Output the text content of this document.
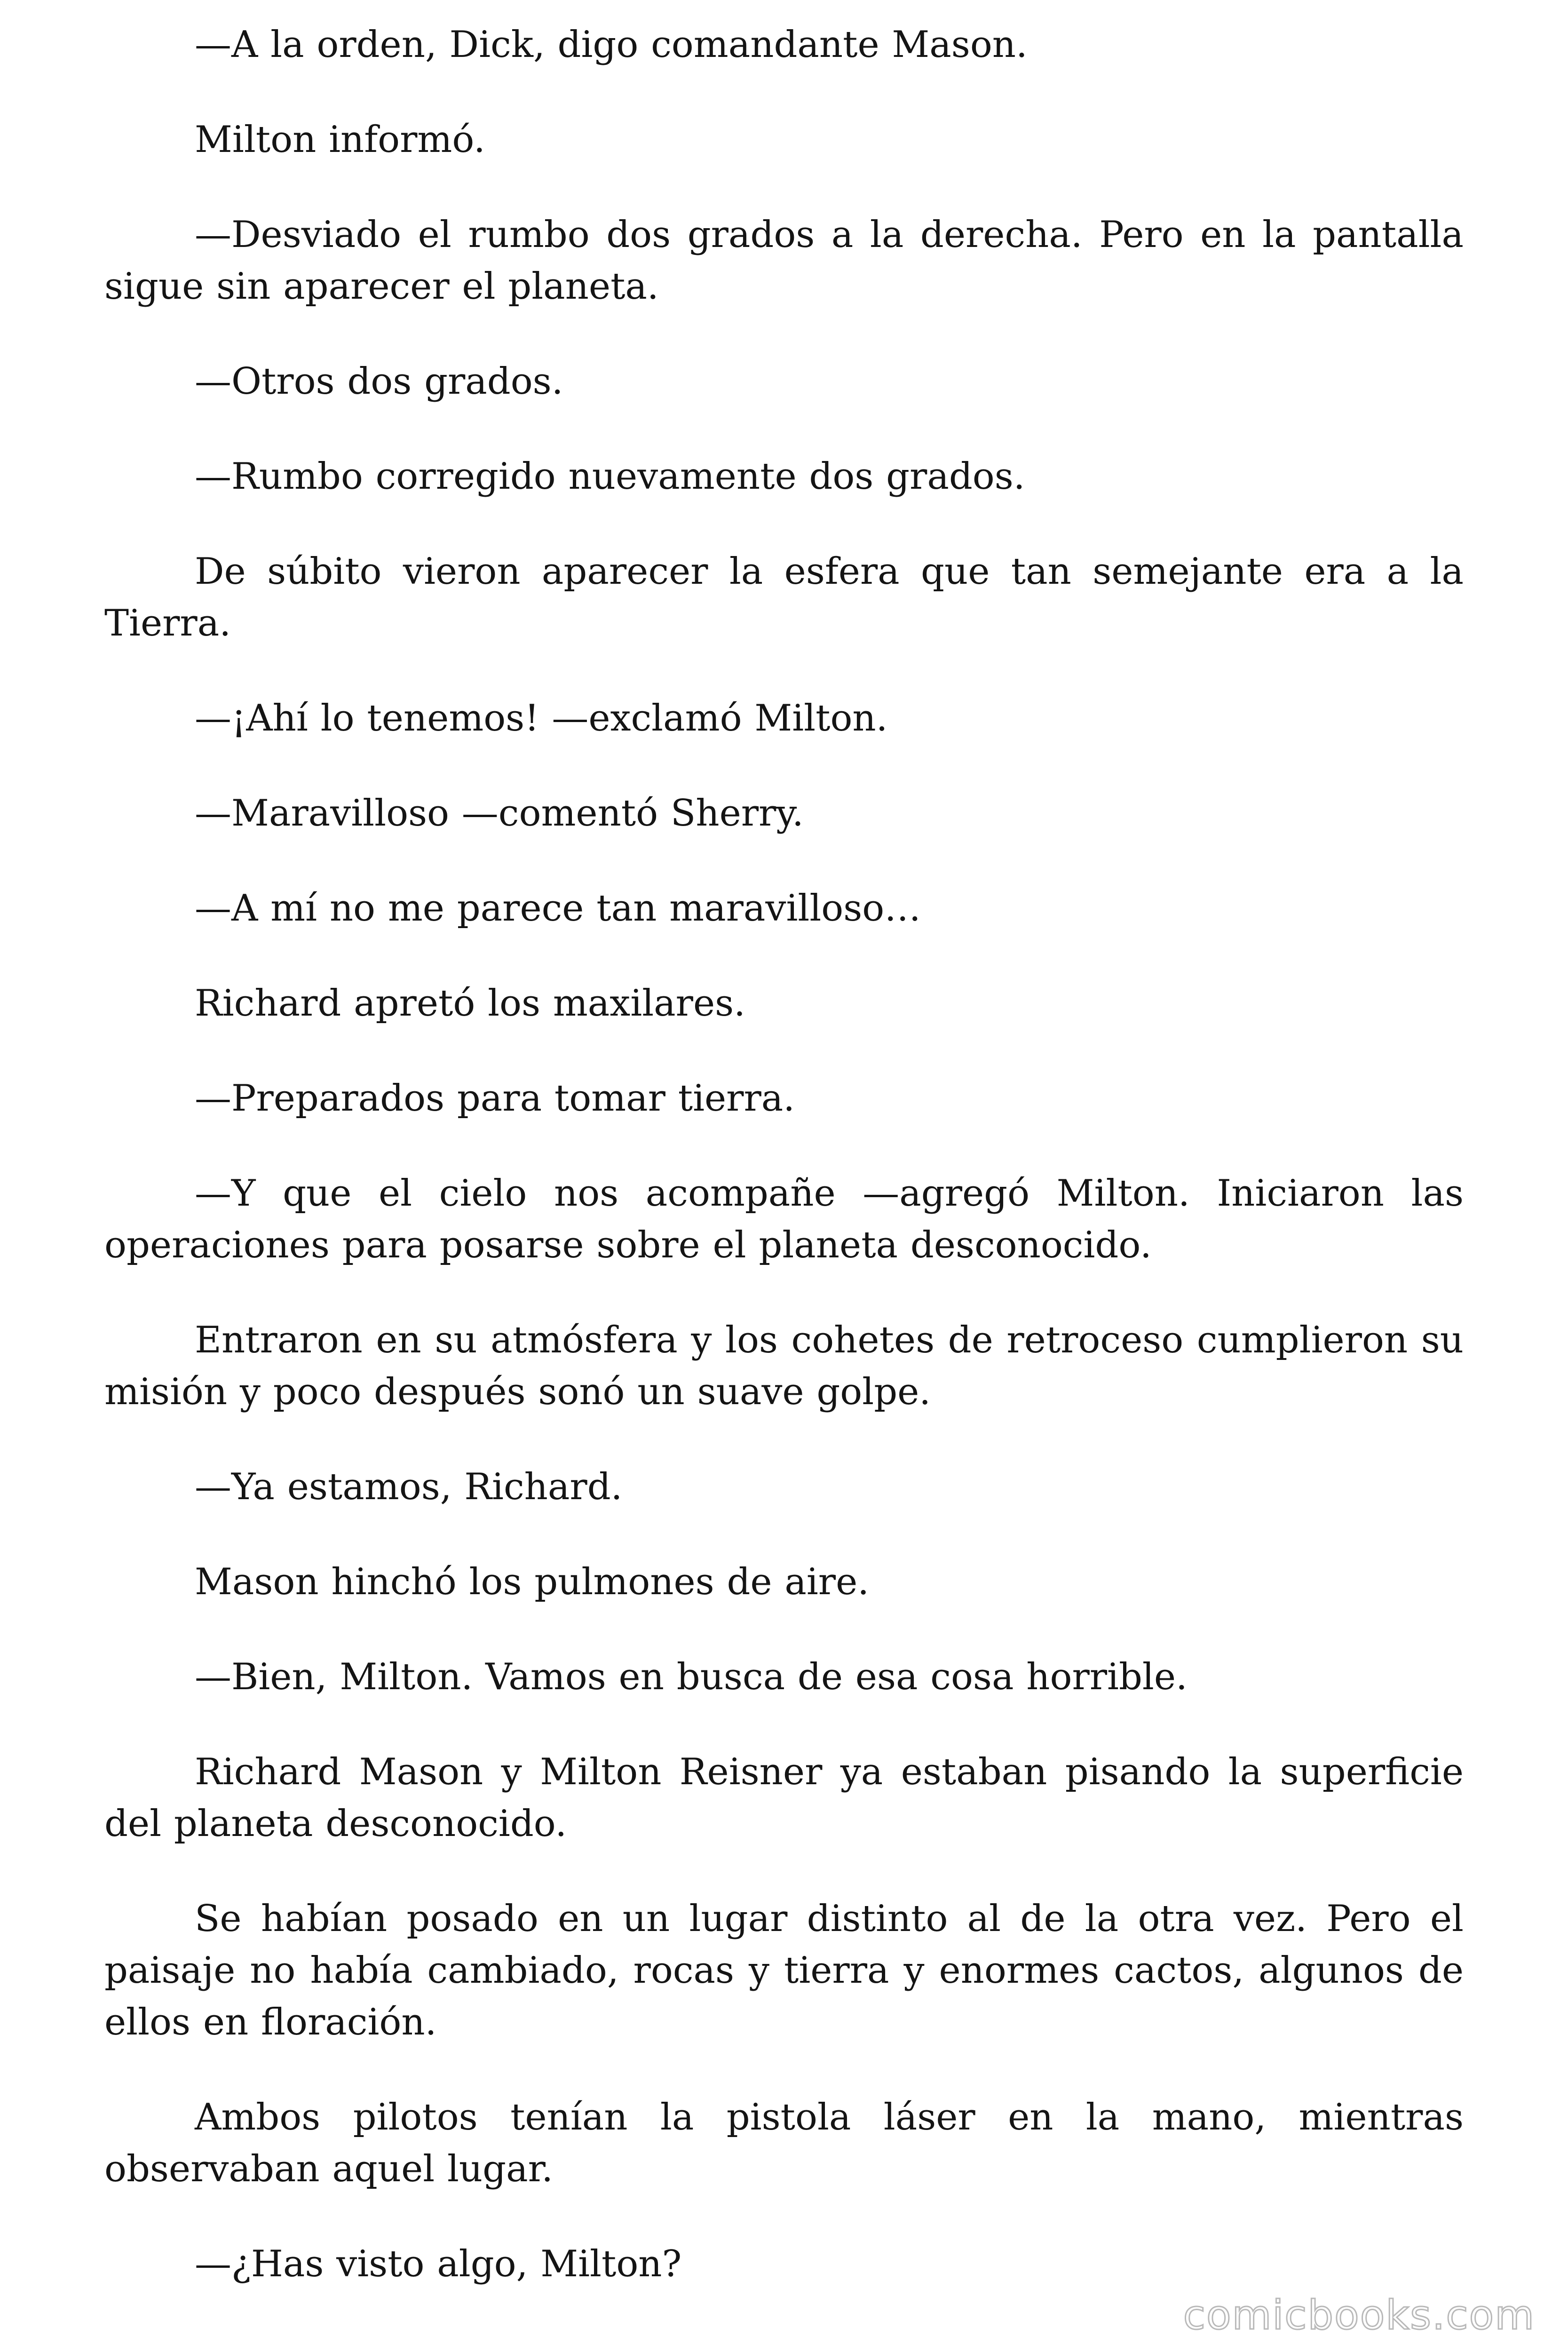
—A la orden, Dick, digo comandante Mason.

Milton informó.

—Desviado el rumbo dos grados a la derecha. Pero en la pantalla sigue sin aparecer el planeta.

—Otros dos grados.

—Rumbo corregido nuevamente dos grados.

De súbito vieron aparecer la esfera que tan semejante era a la Tierra.

—¡Ahí lo tenemos! —exclamó Milton.

—Maravilloso —comentó Sherry.

—A mí no me parece tan maravilloso…

Richard apretó los maxilares.

—Preparados para tomar tierra.

—Y que el cielo nos acompañe —agregó Milton. Iniciaron las operaciones para posarse sobre el planeta desconocido.

Entraron en su atmósfera y los cohetes de retroceso cumplieron su misión y poco después sonó un suave golpe.

—Ya estamos, Richard.

Mason hinchó los pulmones de aire.

—Bien, Milton. Vamos en busca de esa cosa horrible.

Richard Mason y Milton Reisner ya estaban pisando la superficie del planeta desconocido.

Se habían posado en un lugar distinto al de la otra vez. Pero el paisaje no había cambiado, rocas y tierra y enormes cactos, algunos de ellos en floración.

Ambos pilotos tenían la pistola láser en la mano, mientras observaban aquel lugar.

—¿Has visto algo, Milton?

comicbooks.com
